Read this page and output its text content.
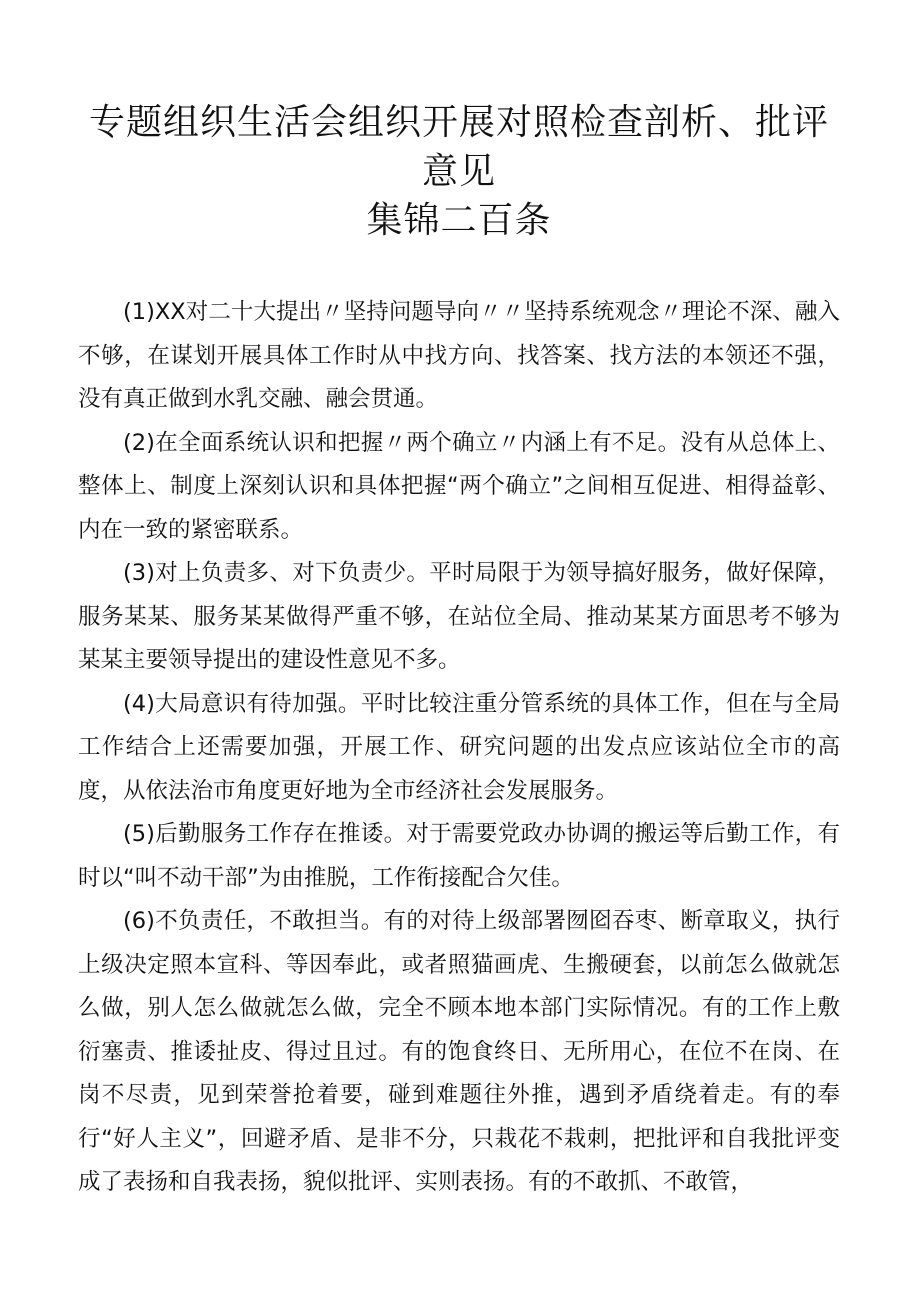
专题组织生活会组织开展对照检查剖析、批评意见
集锦二百条

(1)XX对二十大提出〃坚持问题导向〃〃坚持系统观念〃理论不深、融入不够，在谋划开展具体工作时从中找方向、找答案、找方法的本领还不强，没有真正做到水乳交融、融会贯通。

(2)在全面系统认识和把握〃两个确立〃内涵上有不足。没有从总体上、整体上、制度上深刻认识和具体把握“两个确立”之间相互促进、相得益彰、内在一致的紧密联系。

(3)对上负责多、对下负责少。平时局限于为领导搞好服务，做好保障，服务某某、服务某某做得严重不够，在站位全局、推动某某方面思考不够为某某主要领导提出的建设性意见不多。

(4)大局意识有待加强。平时比较注重分管系统的具体工作，但在与全局工作结合上还需要加强，开展工作、研究问题的出发点应该站位全市的高度，从依法治市角度更好地为全市经济社会发展服务。

(5)后勤服务工作存在推诿。对于需要党政办协调的搬运等后勤工作，有时以“叫不动干部”为由推脱，工作衔接配合欠佳。

(6)不负责任，不敢担当。有的对待上级部署囫囵吞枣、断章取义，执行上级决定照本宣科、等因奉此，或者照猫画虎、生搬硬套，以前怎么做就怎么做，别人怎么做就怎么做，完全不顾本地本部门实际情况。有的工作上敷衍塞责、推诿扯皮、得过且过。有的饱食终日、无所用心，在位不在岗、在岗不尽责，见到荣誉抢着要，碰到难题往外推，遇到矛盾绕着走。有的奉行“好人主义”，回避矛盾、是非不分，只栽花不栽刺，把批评和自我批评变成了表扬和自我表扬，貌似批评、实则表扬。有的不敢抓、不敢管，
